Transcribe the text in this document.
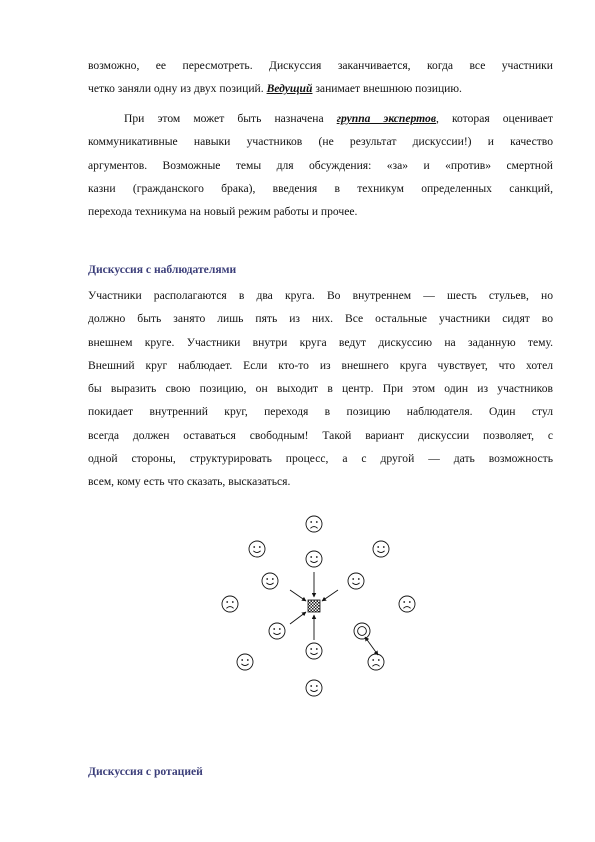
возможно, ее пересмотреть. Дискуссия заканчивается, когда все участники
четко заняли одну из двух позиций. Ведущий занимает внешнюю позицию.
При этом может быть назначена группа экспертов, которая оценивает
коммуникативные навыки участников (не результат дискуссии!) и качество
аргументов. Возможные темы для обсуждения: «за» и «против» смертной
казни (гражданского брака), введения в техникум определенных санкций,
перехода техникума на новый режим работы и прочее.
Дискуссия с наблюдателями
Участники располагаются в два круга. Во внутреннем — шесть стульев, но
должно быть занято лишь пять из них. Все остальные участники сидят во
внешнем круге. Участники внутри круга ведут дискуссию на заданную тему.
Внешний круг наблюдает. Если кто-то из внешнего круга чувствует, что хотел
бы выразить свою позицию, он выходит в центр. При этом один из участников
покидает внутренний круг, переходя в позицию наблюдателя. Один стул
всегда должен оставаться свободным! Такой вариант дискуссии позволяет, с
одной стороны, структурировать процесс, а с другой — дать возможность
всем, кому есть что сказать, высказаться.
Дискуссия с ротацией
